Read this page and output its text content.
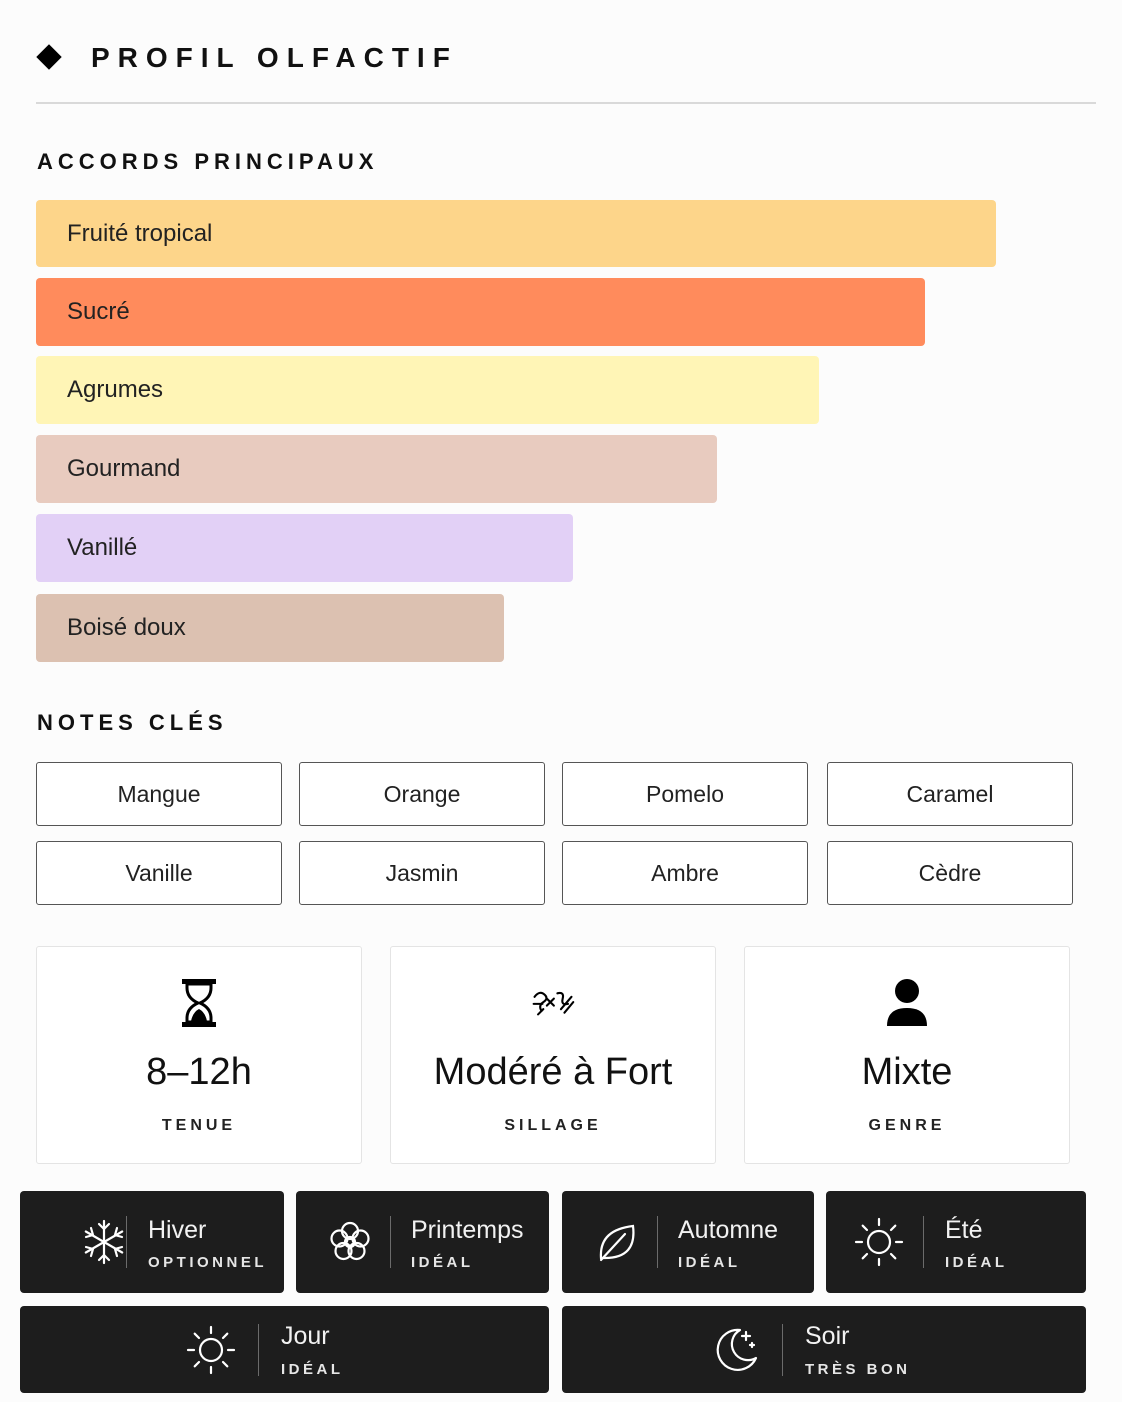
PROFIL OLFACTIF
ACCORDS PRINCIPAUX
Fruité tropical
Sucré
Agrumes
Gourmand
Vanillé
Boisé doux
NOTES CLÉS
Mangue	Orange	Pomelo	Caramel
Vanille	Jasmin	Ambre	Cèdre
8–12h
TENUE
Modéré à Fort
SILLAGE
Mixte
GENRE
Hiver
OPTIONNEL
Printemps
IDÉAL
Automne
IDÉAL
Été
IDÉAL
Jour
IDÉAL
Soir
TRÈS BON
